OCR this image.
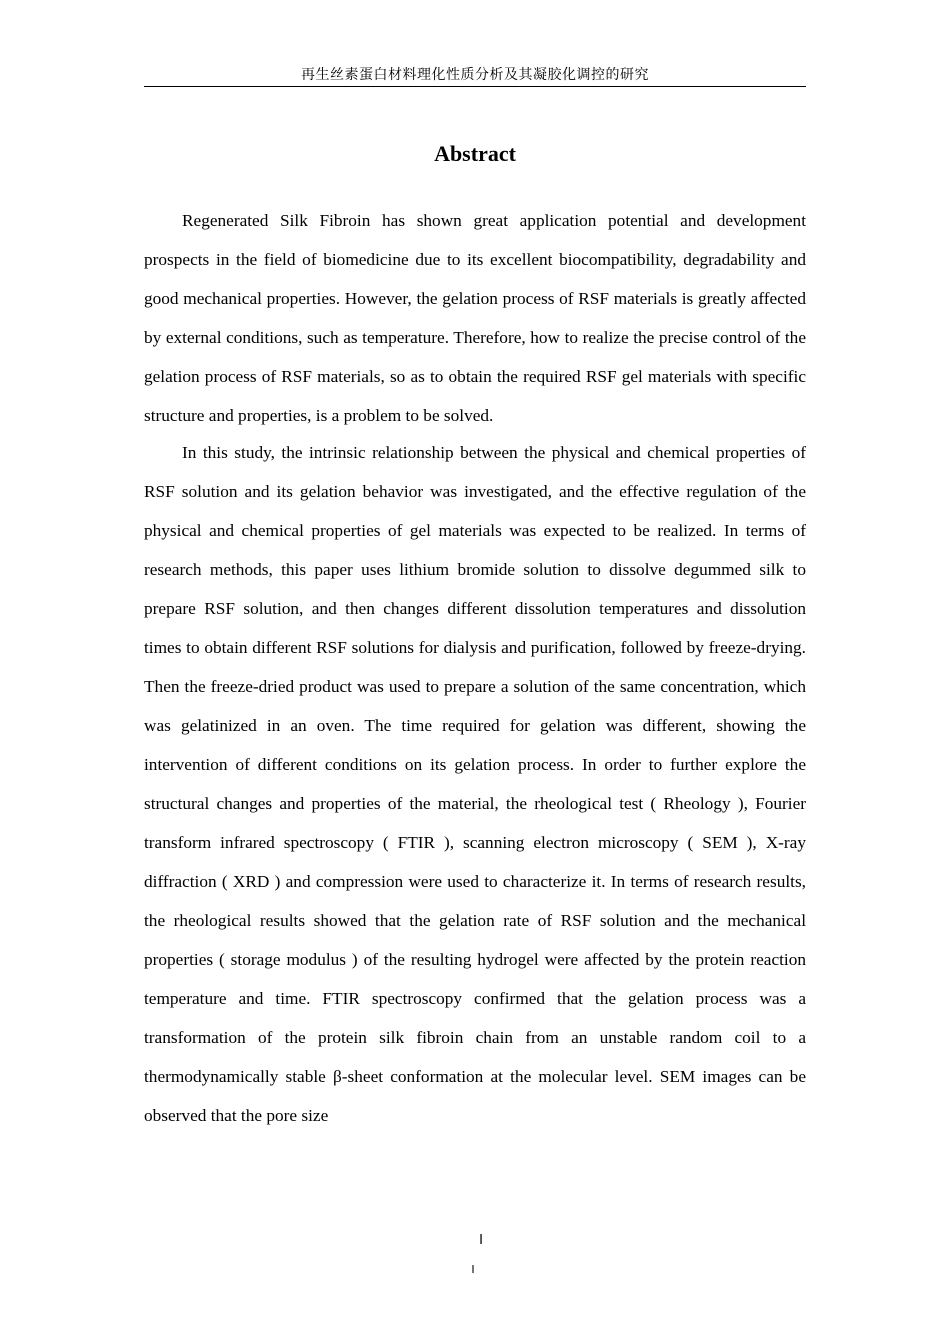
再生丝素蛋白材料理化性质分析及其凝胶化调控的研究
Abstract

Regenerated Silk Fibroin has shown great application potential and development prospects in the field of biomedicine due to its excellent biocompatibility, degradability and good mechanical properties. However, the gelation process of RSF materials is greatly affected by external conditions, such as temperature. Therefore, how to realize the precise control of the gelation process of RSF materials, so as to obtain the required RSF gel materials with specific structure and properties, is a problem to be solved.

In this study, the intrinsic relationship between the physical and chemical properties of RSF solution and its gelation behavior was investigated, and the effective regulation of the physical and chemical properties of gel materials was expected to be realized. In terms of research methods, this paper uses lithium bromide solution to dissolve degummed silk to prepare RSF solution, and then changes different dissolution temperatures and dissolution times to obtain different RSF solutions for dialysis and purification, followed by freeze-drying. Then the freeze-dried product was used to prepare a solution of the same concentration, which was gelatinized in an oven. The time required for gelation was different, showing the intervention of different conditions on its gelation process. In order to further explore the structural changes and properties of the material, the rheological test ( Rheology ), Fourier transform infrared spectroscopy ( FTIR ), scanning electron microscopy ( SEM ), X-ray diffraction ( XRD ) and compression were used to characterize it. In terms of research results, the rheological results showed that the gelation rate of RSF solution and the mechanical properties ( storage modulus ) of the resulting hydrogel were affected by the protein reaction temperature and time. FTIR spectroscopy confirmed that the gelation process was a transformation of the protein silk fibroin chain from an unstable random coil to a thermodynamically stable β-sheet conformation at the molecular level. SEM images can be observed that the pore size

I
I
